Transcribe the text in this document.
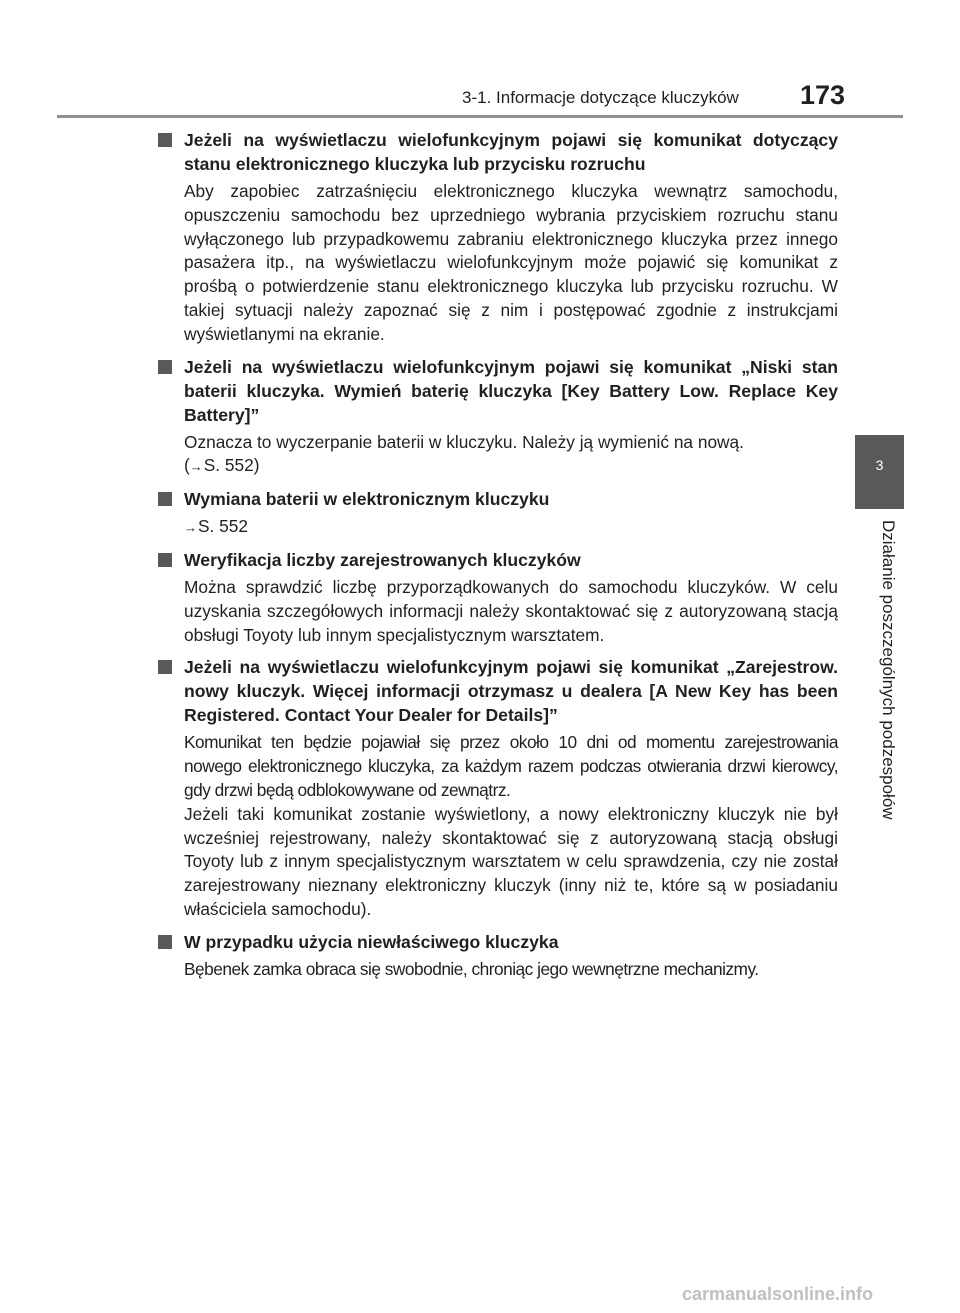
3-1. Informacje dotyczące kluczyków 173
3
Działanie poszczególnych podzespołów
Jeżeli na wyświetlaczu wielofunkcyjnym pojawi się komunikat dotyczący stanu elektronicznego kluczyka lub przycisku rozruchu

Aby zapobiec zatrzaśnięciu elektronicznego kluczyka wewnątrz samochodu, opuszczeniu samochodu bez uprzedniego wybrania przyciskiem rozruchu stanu wyłączonego lub przypadkowemu zabraniu elektronicznego kluczyka przez innego pasażera itp., na wyświetlaczu wielofunkcyjnym może pojawić się komunikat z prośbą o potwierdzenie stanu elektronicznego kluczyka lub przycisku rozruchu. W takiej sytuacji należy zapoznać się z nim i postępować zgodnie z instrukcjami wyświetlanymi na ekranie.

Jeżeli na wyświetlaczu wielofunkcyjnym pojawi się komunikat „Niski stan baterii kluczyka. Wymień baterię kluczyka [Key Battery Low. Replace Key Battery]”

Oznacza to wyczerpanie baterii w kluczyku. Należy ją wymienić na nową.

(→S. 552)

Wymiana baterii w elektronicznym kluczyku

→S. 552

Weryfikacja liczby zarejestrowanych kluczyków

Można sprawdzić liczbę przyporządkowanych do samochodu kluczyków. W celu uzyskania szczegółowych informacji należy skontaktować się z autoryzowaną stacją obsługi Toyoty lub innym specjalistycznym warsztatem.

Jeżeli na wyświetlaczu wielofunkcyjnym pojawi się komunikat „Zarejestrow. nowy kluczyk. Więcej informacji otrzymasz u dealera [A New Key has been Registered. Contact Your Dealer for Details]”

Komunikat ten będzie pojawiał się przez około 10 dni od momentu zarejestrowania nowego elektronicznego kluczyka, za każdym razem podczas otwierania drzwi kierowcy, gdy drzwi będą odblokowywane od zewnątrz.

Jeżeli taki komunikat zostanie wyświetlony, a nowy elektroniczny kluczyk nie był wcześniej rejestrowany, należy skontaktować się z autoryzowaną stacją obsługi Toyoty lub z innym specjalistycznym warsztatem w celu sprawdzenia, czy nie został zarejestrowany nieznany elektroniczny kluczyk (inny niż te, które są w posiadaniu właściciela samochodu).

W przypadku użycia niewłaściwego kluczyka

Bębenek zamka obraca się swobodnie, chroniąc jego wewnętrzne mechanizmy.

carmanualsonline.info
